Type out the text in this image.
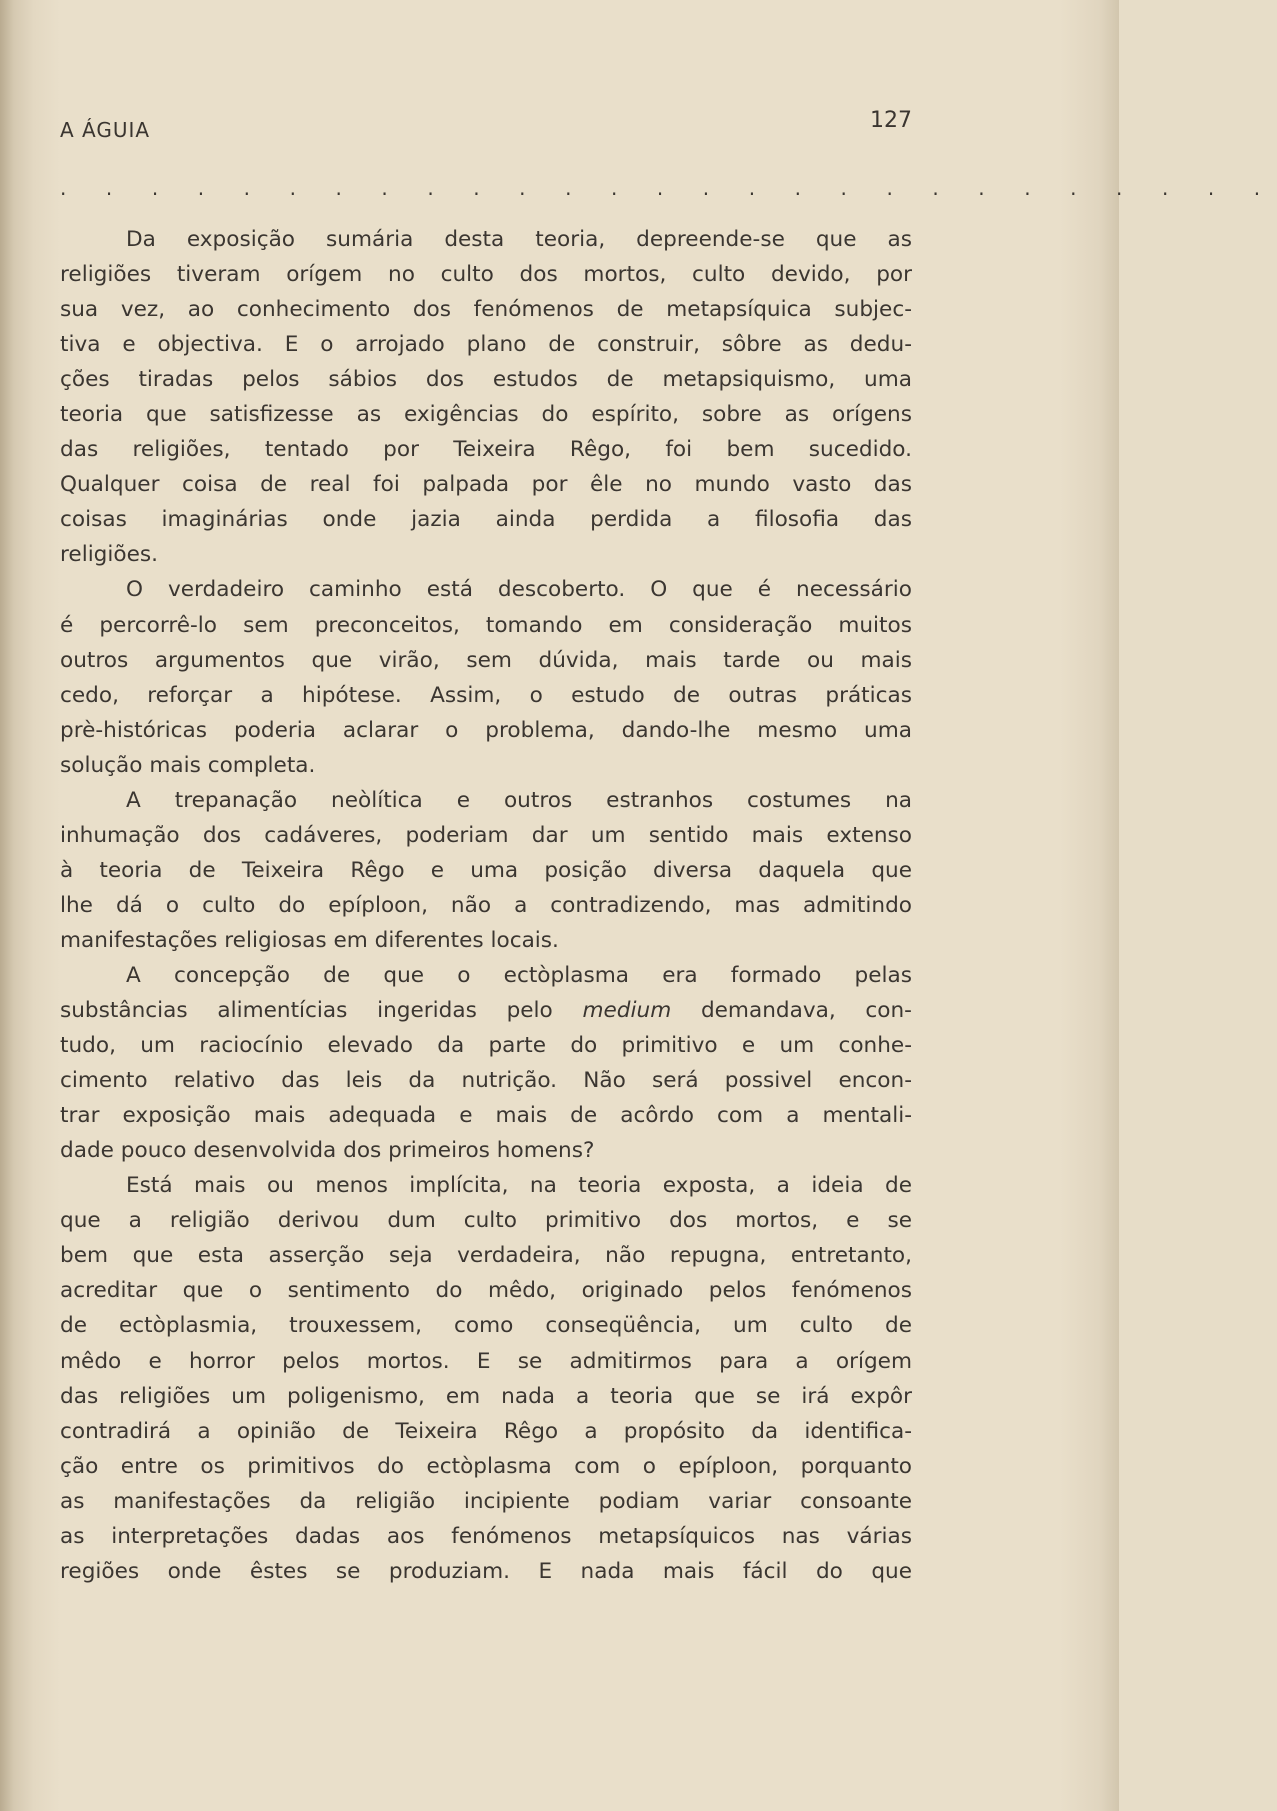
A ÁGUIA	127
. . . . . . . . . . . . . . . . . . . . . . . . . . .
Da exposição sumária desta teoria, depreende-se que as
religiões tiveram orígem no culto dos mortos, culto devido, por
sua vez, ao conhecimento dos fenómenos de metapsíquica subjec-
tiva e objectiva. E o arrojado plano de construir, sôbre as dedu-
ções tiradas pelos sábios dos estudos de metapsiquismo, uma
teoria que satisfizesse as exigências do espírito, sobre as orígens
das religiões, tentado por Teixeira Rêgo, foi bem sucedido.
Qualquer coisa de real foi palpada por êle no mundo vasto das
coisas imaginárias onde jazia ainda perdida a filosofia das
religiões.
O verdadeiro caminho está descoberto. O que é necessário
é percorrê-lo sem preconceitos, tomando em consideração muitos
outros argumentos que virão, sem dúvida, mais tarde ou mais
cedo, reforçar a hipótese. Assim, o estudo de outras práticas
prè-históricas poderia aclarar o problema, dando-lhe mesmo uma
solução mais completa.
A trepanação neòlítica e outros estranhos costumes na
inhumação dos cadáveres, poderiam dar um sentido mais extenso
à teoria de Teixeira Rêgo e uma posição diversa daquela que
lhe dá o culto do epíploon, não a contradizendo, mas admitindo
manifestações religiosas em diferentes locais.
A concepção de que o ectòplasma era formado pelas
substâncias alimentícias ingeridas pelo medium demandava, con-
tudo, um raciocínio elevado da parte do primitivo e um conhe-
cimento relativo das leis da nutrição. Não será possivel encon-
trar exposição mais adequada e mais de acôrdo com a mentali-
dade pouco desenvolvida dos primeiros homens?
Está mais ou menos implícita, na teoria exposta, a ideia de
que a religião derivou dum culto primitivo dos mortos, e se
bem que esta asserção seja verdadeira, não repugna, entretanto,
acreditar que o sentimento do mêdo, originado pelos fenómenos
de ectòplasmia, trouxessem, como conseqüência, um culto de
mêdo e horror pelos mortos. E se admitirmos para a orígem
das religiões um poligenismo, em nada a teoria que se irá expôr
contradirá a opinião de Teixeira Rêgo a propósito da identifica-
ção entre os primitivos do ectòplasma com o epíploon, porquanto
as manifestações da religião incipiente podiam variar consoante
as interpretações dadas aos fenómenos metapsíquicos nas várias
regiões onde êstes se produziam. E nada mais fácil do que
